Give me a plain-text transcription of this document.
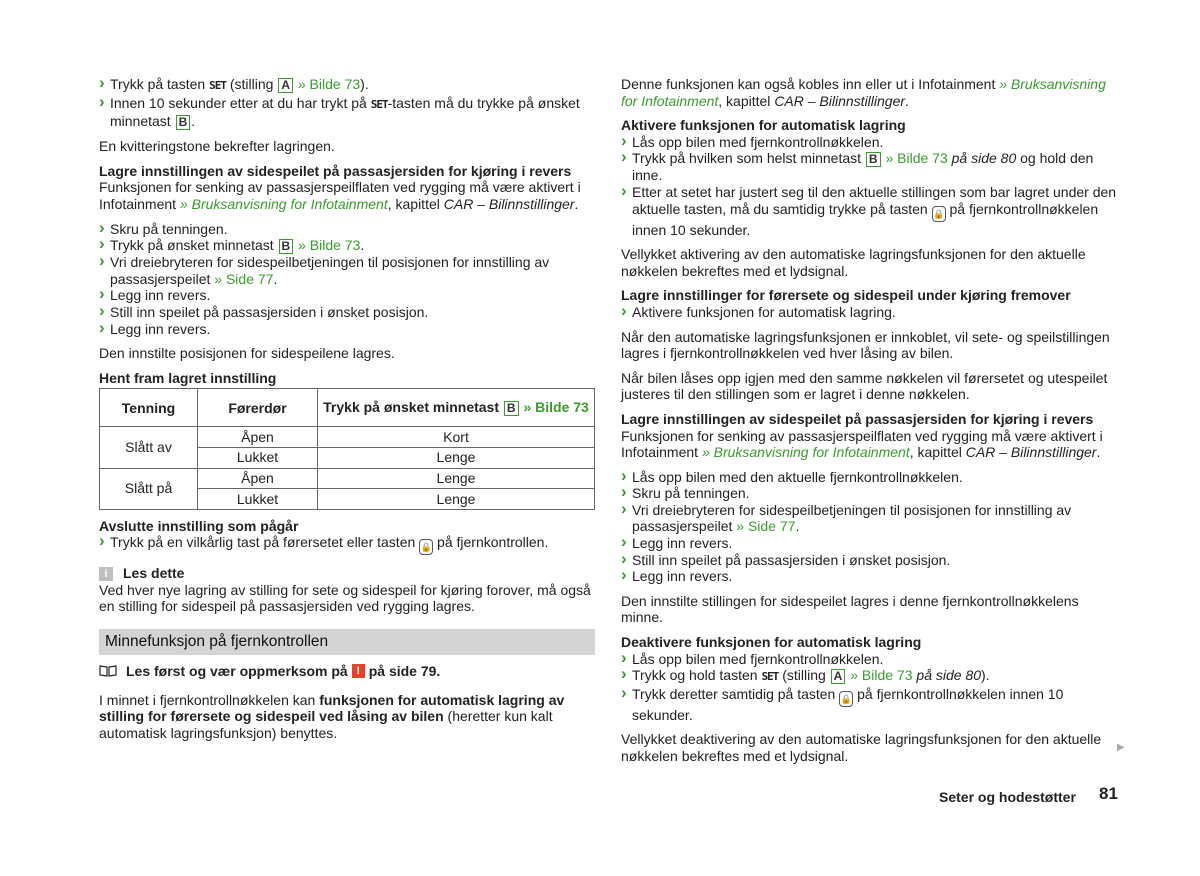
› Trykk på tasten SET (stilling A » Bilde 73).

› Innen 10 sekunder etter at du har trykt på SET-tasten må du trykke på ønsket minnetast B .

En kvitteringstone bekrefter lagringen.

Lagre innstillingen av sidespeilet på passasjersiden for kjøring i revers

Funksjonen for senking av passasjerspeilflaten ved rygging må være aktivert i Infotainment » Bruksanvisning for Infotainment, kapittel CAR – Bilinnstillinger.

› Skru på tenningen.

› Trykk på ønsket minnetast B » Bilde 73.

› Vri dreiebryteren for sidespeilbetjeningen til posisjonen for innstilling av passasjerspeilet » Side 77.

› Legg inn revers.

› Still inn speilet på passasjersiden i ønsket posisjon.

› Legg inn revers.

Den innstilte posisjonen for sidespeilene lagres.

Hent fram lagret innstilling

Tenning	Førerdør	Trykk på ønsket minnetast B » Bilde 73
Slått av	Åpen	Kort
	Lukket	Lenge
Slått på	Åpen	Lenge
	Lukket	Lenge

Avslutte innstilling som pågår

› Trykk på en vilkårlig tast på førersetet eller tasten 🔒 på fjernkontrollen.

i	Les dette

Ved hver nye lagring av stilling for sete og sidespeil for kjøring forover, må også en stilling for sidespeil på passasjersiden ved rygging lagres.

Minnefunksjon på fjernkontrollen
Les først og vær oppmerksom på ! på side 79.

I minnet i fjernkontrollnøkkelen kan funksjonen for automatisk lagring av stilling for førersete og sidespeil ved låsing av bilen (heretter kun kalt automatisk lagringsfunksjon) benyttes.

Denne funksjonen kan også kobles inn eller ut i Infotainment » Bruksanvisning for Infotainment, kapittel CAR – Bilinnstillinger.

Aktivere funksjonen for automatisk lagring

› Lås opp bilen med fjernkontrollnøkkelen.

› Trykk på hvilken som helst minnetast B » Bilde 73 på side 80 og hold den inne.

› Etter at setet har justert seg til den aktuelle stillingen som bar lagret under den aktuelle tasten, må du samtidig trykke på tasten 🔒 på fjernkontrollnøkkelen innen 10 sekunder.

Vellykket aktivering av den automatiske lagringsfunksjonen for den aktuelle nøkkelen bekreftes med et lydsignal.

Lagre innstillinger for førersete og sidespeil under kjøring fremover

› Aktivere funksjonen for automatisk lagring.

Når den automatiske lagringsfunksjonen er innkoblet, vil sete- og speilstillingen lagres i fjernkontrollnøkkelen ved hver låsing av bilen.

Når bilen låses opp igjen med den samme nøkkelen vil førersetet og utespeilet justeres til den stillingen som er lagret i denne nøkkelen.

Lagre innstillingen av sidespeilet på passasjersiden for kjøring i revers

Funksjonen for senking av passasjerspeilflaten ved rygging må være aktivert i Infotainment » Bruksanvisning for Infotainment, kapittel CAR – Bilinnstillinger.

› Lås opp bilen med den aktuelle fjernkontrollnøkkelen.

› Skru på tenningen.

› Vri dreiebryteren for sidespeilbetjeningen til posisjonen for innstilling av passasjerspeilet » Side 77.

› Legg inn revers.

› Still inn speilet på passasjersiden i ønsket posisjon.

› Legg inn revers.

Den innstilte stillingen for sidespeilet lagres i denne fjernkontrollnøkkelens minne.

Deaktivere funksjonen for automatisk lagring

› Lås opp bilen med fjernkontrollnøkkelen.

› Trykk og hold tasten SET (stilling A » Bilde 73 på side 80).

› Trykk deretter samtidig på tasten 🔒 på fjernkontrollnøkkelen innen 10 sekunder.

Vellykket deaktivering av den automatiske lagringsfunksjonen for den aktuelle nøkkelen bekreftes med et lydsignal.

▶
Seter og hodestøtter 81
